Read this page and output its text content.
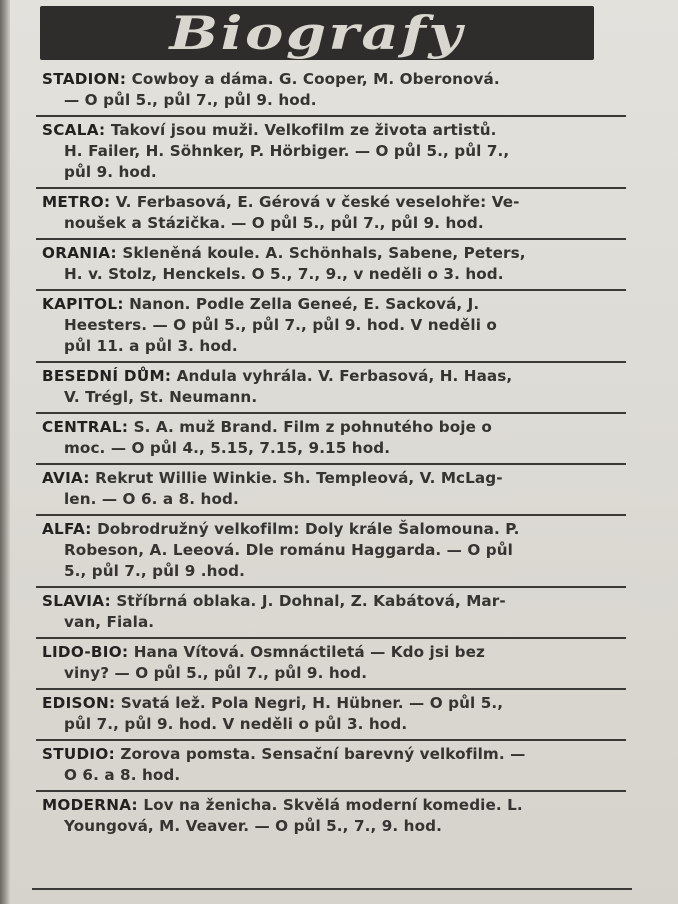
Biografy
STADION: Cowboy a dáma. G. Cooper, M. Oberonová.
— O půl 5., půl 7., půl 9. hod.
SCALA: Takoví jsou muži. Velkofilm ze života artistů.
H. Failer, H. Söhnker, P. Hörbiger. — O půl 5., půl 7.,
půl 9. hod.
METRO: V. Ferbasová, E. Gérová v české veselohře: Ve-
noušek a Stázička. — O půl 5., půl 7., půl 9. hod.
ORANIA: Skleněná koule. A. Schönhals, Sabene, Peters,
H. v. Stolz, Henckels. O 5., 7., 9., v neděli o 3. hod.
KAPITOL: Nanon. Podle Zella Geneé, E. Sacková, J.
Heesters. — O půl 5., půl 7., půl 9. hod. V neděli o
půl 11. a půl 3. hod.
BESEDNÍ DŮM: Andula vyhrála. V. Ferbasová, H. Haas,
V. Trégl, St. Neumann.
CENTRAL: S. A. muž Brand. Film z pohnutého boje o
moc. — O půl 4., 5.15, 7.15, 9.15 hod.
AVIA: Rekrut Willie Winkie. Sh. Templeová, V. McLag-
len. — O 6. a 8. hod.
ALFA: Dobrodružný velkofilm: Doly krále Šalomouna. P.
Robeson, A. Leeová. Dle románu Haggarda. — O půl
5., půl 7., půl 9 .hod.
SLAVIA: Stříbrná oblaka. J. Dohnal, Z. Kabátová, Mar-
van, Fiala.
LIDO-BIO: Hana Vítová. Osmnáctiletá — Kdo jsi bez
viny? — O půl 5., půl 7., půl 9. hod.
EDISON: Svatá lež. Pola Negri, H. Hübner. — O půl 5.,
půl 7., půl 9. hod. V neděli o půl 3. hod.
STUDIO: Zorova pomsta. Sensační barevný velkofilm. —
O 6. a 8. hod.
MODERNA: Lov na ženicha. Skvělá moderní komedie. L.
Youngová, M. Veaver. — O půl 5., 7., 9. hod.
